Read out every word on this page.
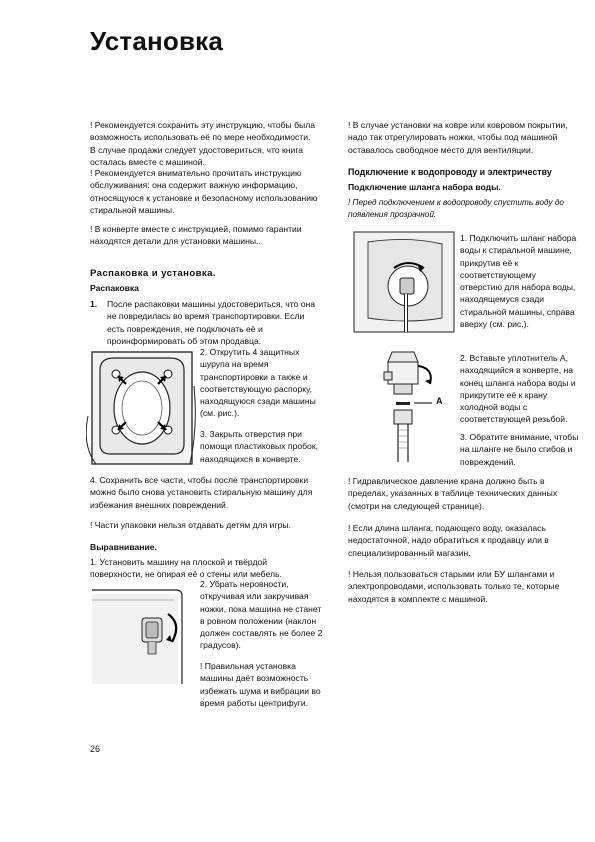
Установка
! Рекомендуется сохранить эту инструкцию, чтобы была возможность использовать её по мере необходимости. В случае продажи следует удостовериться, что книга осталась вместе с машиной.
! Рекомендуется внимательно прочитать инструкцию обслуживания: она содержит важную информацию, относящуюся к установке и безопасному использованию стиральной машины.
! В конверте вместе с инструкцией, помимо гарантии находятся детали для установки машины..
Распаковка и установка.
Распаковка
1. После распаковки машины удостовериться, что она не повредилась во время транспортировки. Если есть повреждения, не подключать её и проинформировать об этом продавца.
2. Открутить 4 защитных шурупа на время транспортировки а также и соответствующую распорку, находящуюся сзади машины (см. рис.).
3. Закрыть отверстия при помощи пластиковых пробок, находящихся в конверте.
4. Сохранить все части, чтобы после транспортировки можно было снова установить стиральную машину для избежания внешних повреждений.
! Части упаковки нельзя отдавать детям для игры.
Выравнивание.
1. Установить машину на плоской и твёрдой поверхности, не опирая её о стены или мебель.
2. Убрать неровности, откручивая или закручивая ножки, пока машина не станет в ровном положении (наклон должен составлять не более 2 градусов).
! Правильная установка машины даёт возможность избежать шума и вибрации во время работы центрифуги.
! В случае установки на ковре или ковровом покрытии, надо так отрегулировать ножки, чтобы под машиной оставалось свободное место для вентиляции.
Подключение к водопроводу и электричеству
Подключение шланга набора воды.
! Перед подключением к водопроводу спустить воду до появления прозрачной.
1. Подключить шланг набора воды к стиральной машине, прикрутив её к соответствующему отверстию для набора воды, находящемуся сзади стиральной машины, справа вверху (см. рис.).
A
2. Вставьте уплотнитель А, находящийся в конверте, на конец шланга набора воды и прикрутите её к крану холодной воды с соответствующей резьбой.
3. Обратите внимание, чтобы на шланге не было сгибов и повреждений.
! Гидравлическое давление крана должно быть в пределах, указанных в таблице технических данных (смотри на следующей странице).
! Если длина шланга, подающего воду, оказалась недостаточной, надо обратиться к продавцу или в специализированный магазин.
! Нельзя пользоваться старыми или БУ шлангами и электропроводами, использовать только те, которые находятся в комплекте с машиной.
26
